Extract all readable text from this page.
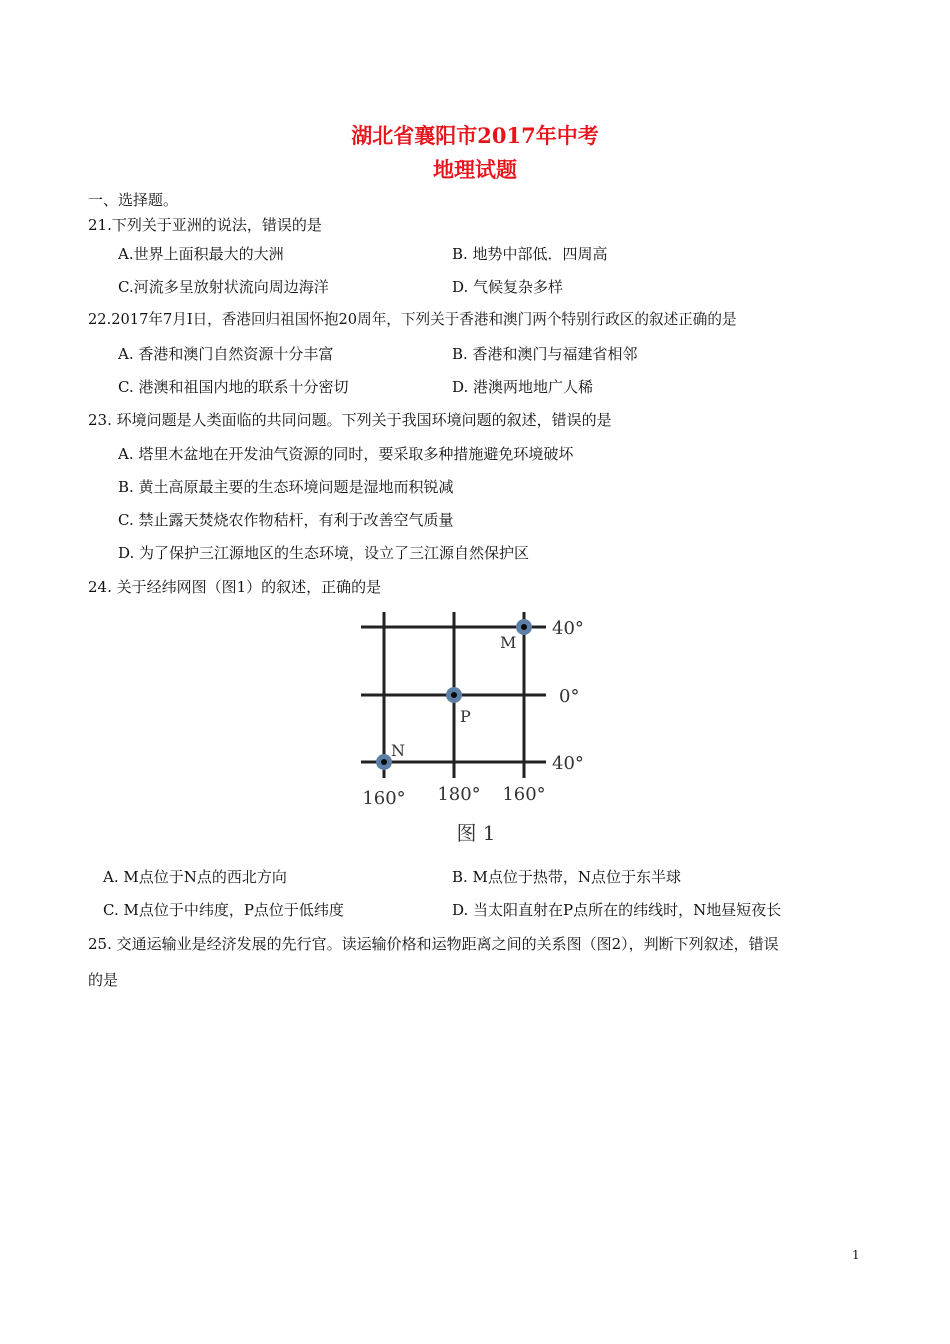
湖北省襄阳市2017年中考
地理试题
一、选择题。
21.下列关于亚洲的说法，错误的是
A.世界上面积最大的大洲	B. 地势中部低．四周高
C.河流多呈放射状流向周边海洋	D. 气候复杂多样
22.2017年7月I日，香港回归祖国怀抱20周年，下列关于香港和澳门两个特别行政区的叙述正确的是
A. 香港和澳门自然资源十分丰富	B. 香港和澳门与福建省相邻
C. 港澳和祖国内地的联系十分密切	D. 港澳两地地广人稀
23. 环境问题是人类面临的共同问题。下列关于我国环境问题的叙述，错误的是
A. 塔里木盆地在开发油气资源的同时，要采取多种措施避免环境破坏
B. 黄土高原最主要的生态环境问题是湿地而积锐减
C. 禁止露天焚烧农作物秸杆，有利于改善空气质量
D. 为了保护三江源地区的生态环境，设立了三江源自然保护区
24. 关于经纬网图（图1）的叙述，正确的是
M
P
N
40°
0°
40°
160° 180° 160°
图 1
A. M点位于N点的西北方向	B. M点位于热带，N点位于东半球
C. M点位于中纬度，P点位于低纬度	D. 当太阳直射在P点所在的纬线时，N地昼短夜长
25. 交通运输业是经济发展的先行官。读运输价格和运物距离之间的关系图（图2），判断下列叙述，错误
的是
1
